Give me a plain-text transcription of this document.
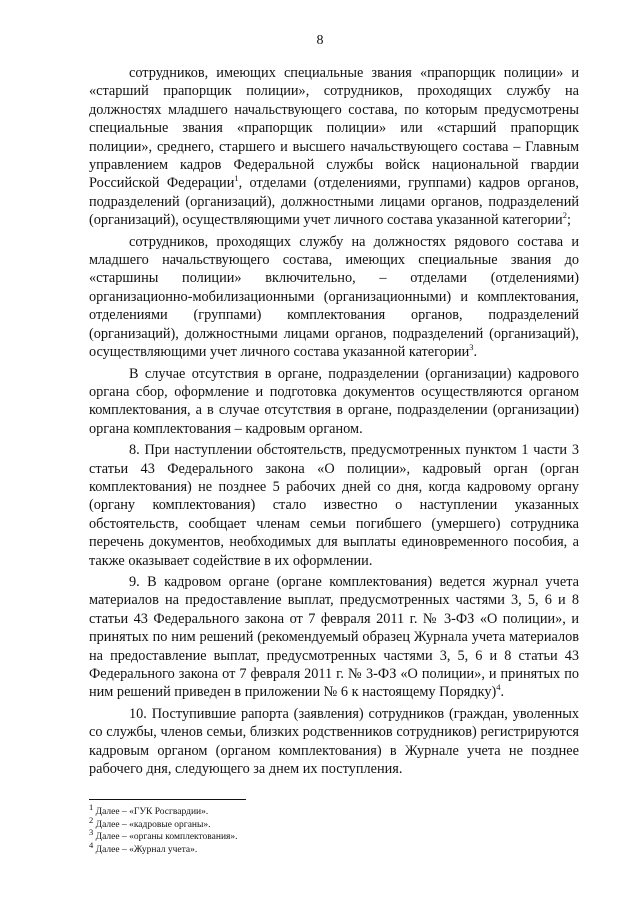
8

сотрудников, имеющих специальные звания «прапорщик полиции» и «старший прапорщик полиции», сотрудников, проходящих службу на должностях младшего начальствующего состава, по которым предусмотрены специальные звания «прапорщик полиции» или «старший прапорщик полиции», среднего, старшего и высшего начальствующего состава – Главным управлением кадров Федеральной службы войск национальной гвардии Российской Федерации$^1$, отделами (отделениями, группами) кадров органов, подразделений (организаций), должностными лицами органов, подразделений (организаций), осуществляющими учет личного состава указанной категории$^2$;

сотрудников, проходящих службу на должностях рядового состава и младшего начальствующего состава, имеющих специальные звания до «старшины полиции» включительно, – отделами (отделениями) организационно-мобилизационными (организационными) и комплектования, отделениями (группами) комплектования органов, подразделений (организаций), должностными лицами органов, подразделений (организаций), осуществляющими учет личного состава указанной категории$^3$.

В случае отсутствия в органе, подразделении (организации) кадрового органа сбор, оформление и подготовка документов осуществляются органом комплектования, а в случае отсутствия в органе, подразделении (организации) органа комплектования – кадровым органом.

8. При наступлении обстоятельств, предусмотренных пунктом 1 части 3 статьи 43 Федерального закона «О полиции», кадровый орган (орган комплектования) не позднее 5 рабочих дней со дня, когда кадровому органу (органу комплектования) стало известно о наступлении указанных обстоятельств, сообщает членам семьи погибшего (умершего) сотрудника перечень документов, необходимых для выплаты единовременного пособия, а также оказывает содействие в их оформлении.

9. В кадровом органе (органе комплектования) ведется журнал учета материалов на предоставление выплат, предусмотренных частями 3, 5, 6 и 8 статьи 43 Федерального закона от 7 февраля 2011 г. № 3-ФЗ «О полиции», и принятых по ним решений (рекомендуемый образец Журнала учета материалов на предоставление выплат, предусмотренных частями 3, 5, 6 и 8 статьи 43 Федерального закона от 7 февраля 2011 г. № 3-ФЗ «О полиции», и принятых по ним решений приведен в приложении № 6 к настоящему Порядку)$^4$.

10. Поступившие рапорта (заявления) сотрудников (граждан, уволенных со службы, членов семьи, близких родственников сотрудников) регистрируются кадровым органом (органом комплектования) в Журнале учета не позднее рабочего дня, следующего за днем их поступления.

$^1$ Далее – «ГУК Росгвардии».
$^2$ Далее – «кадровые органы».
$^3$ Далее – «органы комплектования».
$^4$ Далее – «Журнал учета».
